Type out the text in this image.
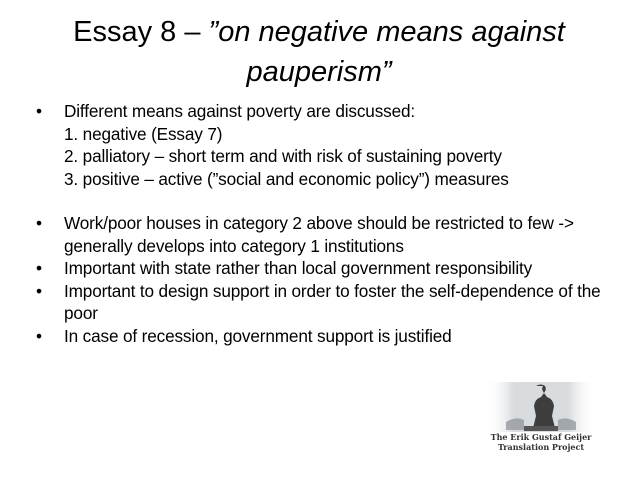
Essay 8 – ”on negative means against pauperism”
•	Different means against poverty are discussed:
1. negative (Essay 7)
2. palliatory – short term and with risk of sustaining poverty
3. positive – active (”social and economic policy”) measures
•	Work/poor houses in category 2 above should be restricted to few -> generally develops into category 1 institutions
•	Important with state rather than local government responsibility
•	Important to design support in order to foster the self-dependence of the poor
•	In case of recession, government support is justified
The Erik Gustaf Geijer
Translation Project
